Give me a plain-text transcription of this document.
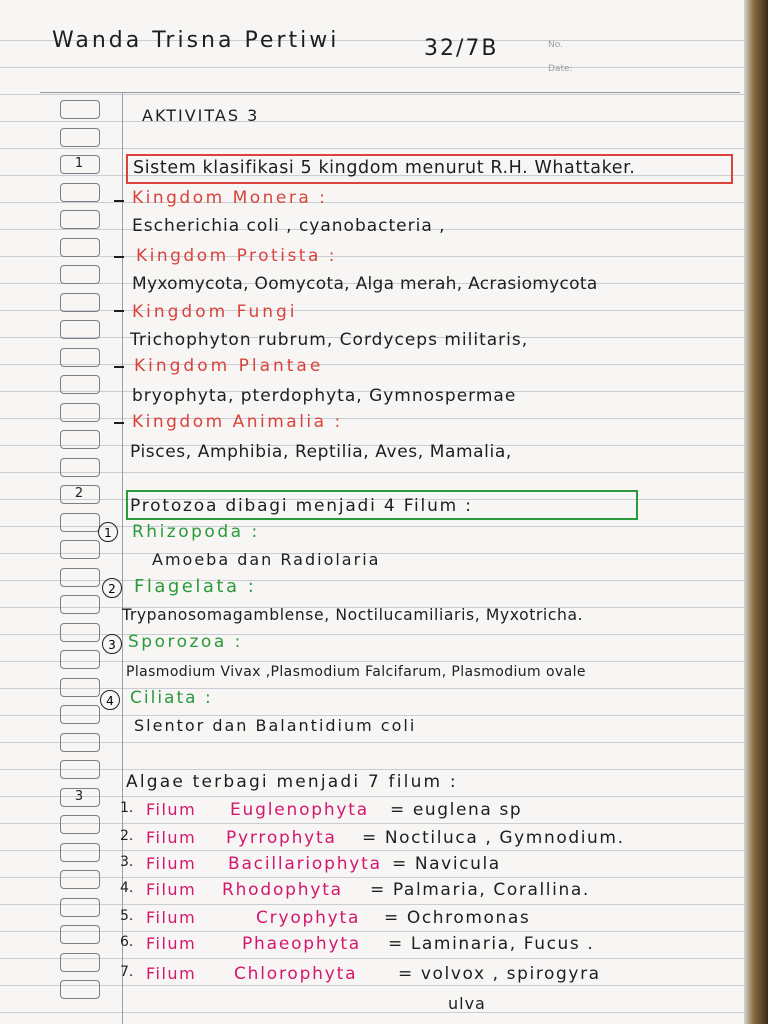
Wanda Trisna Pertiwi	32/7B	No.
Date:
1
2
3
AKTIVITAS 3
Sistem klasifikasi 5 kingdom menurut R.H. Whattaker.
Kingdom Monera :
Escherichia coli , cyanobacteria ,
Kingdom Protista :
Myxomycota, Oomycota, Alga merah, Acrasiomycota
Kingdom Fungi
Trichophyton rubrum, Cordyceps militaris,
Kingdom Plantae
bryophyta, pterdophyta, Gymnospermae
Kingdom Animalia :
Pisces, Amphibia, Reptilia, Aves, Mamalia,
Protozoa dibagi menjadi 4 Filum :
1	Rhizopoda :
Amoeba dan Radiolaria
2	Flagelata :
Trypanosomagamblense, Noctilucamiliaris, Myxotricha.
3 Sporozoa :
Plasmodium Vivax ,Plasmodium Falcifarum, Plasmodium ovale
4 Ciliata :
Slentor dan Balantidium coli
Algae terbagi menjadi 7 filum :
1. Filum Euglenophyta = euglena sp
2. Filum Pyrrophyta = Noctiluca , Gymnodium.
3. Filum Bacillariophyta = Navicula
4. Filum Rhodophyta = Palmaria, Corallina.
5. Filum	Cryophyta = Ochromonas
6. Filum	Phaeophyta = Laminaria, Fucus .
7. Filum Chlorophyta = volvox , spirogyra
ulva
